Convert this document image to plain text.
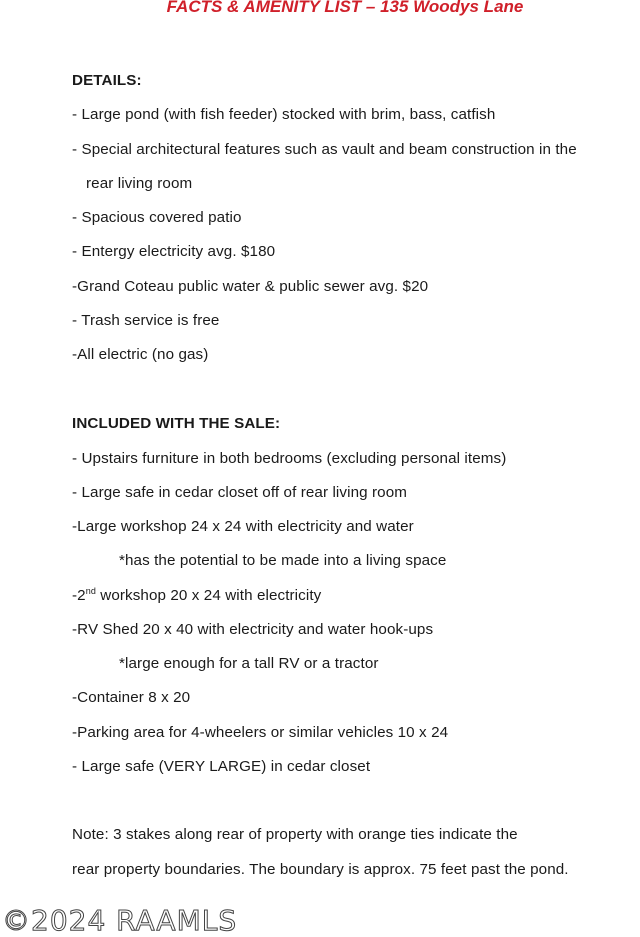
FACTS & AMENITY LIST – 135 Woodys Lane
DETAILS:
- Large pond (with fish feeder) stocked with brim, bass, catfish
- Special architectural features such as vault and beam construction in the
rear living room
- Spacious covered patio
- Entergy electricity avg. $180
-Grand Coteau public water & public sewer avg. $20
- Trash service is free
-All electric (no gas)
INCLUDED WITH THE SALE:
- Upstairs furniture in both bedrooms (excluding personal items)
- Large safe in cedar closet off of rear living room
-Large workshop 24 x 24 with electricity and water
*has the potential to be made into a living space
-2nd workshop 20 x 24 with electricity
-RV Shed 20 x 40 with electricity and water hook-ups
*large enough for a tall RV or a tractor
-Container 8 x 20
-Parking area for 4-wheelers or similar vehicles 10 x 24
- Large safe (VERY LARGE) in cedar closet
Note: 3 stakes along rear of property with orange ties indicate the
rear property boundaries. The boundary is approx. 75 feet past the pond.
©2024 RAAMLS
